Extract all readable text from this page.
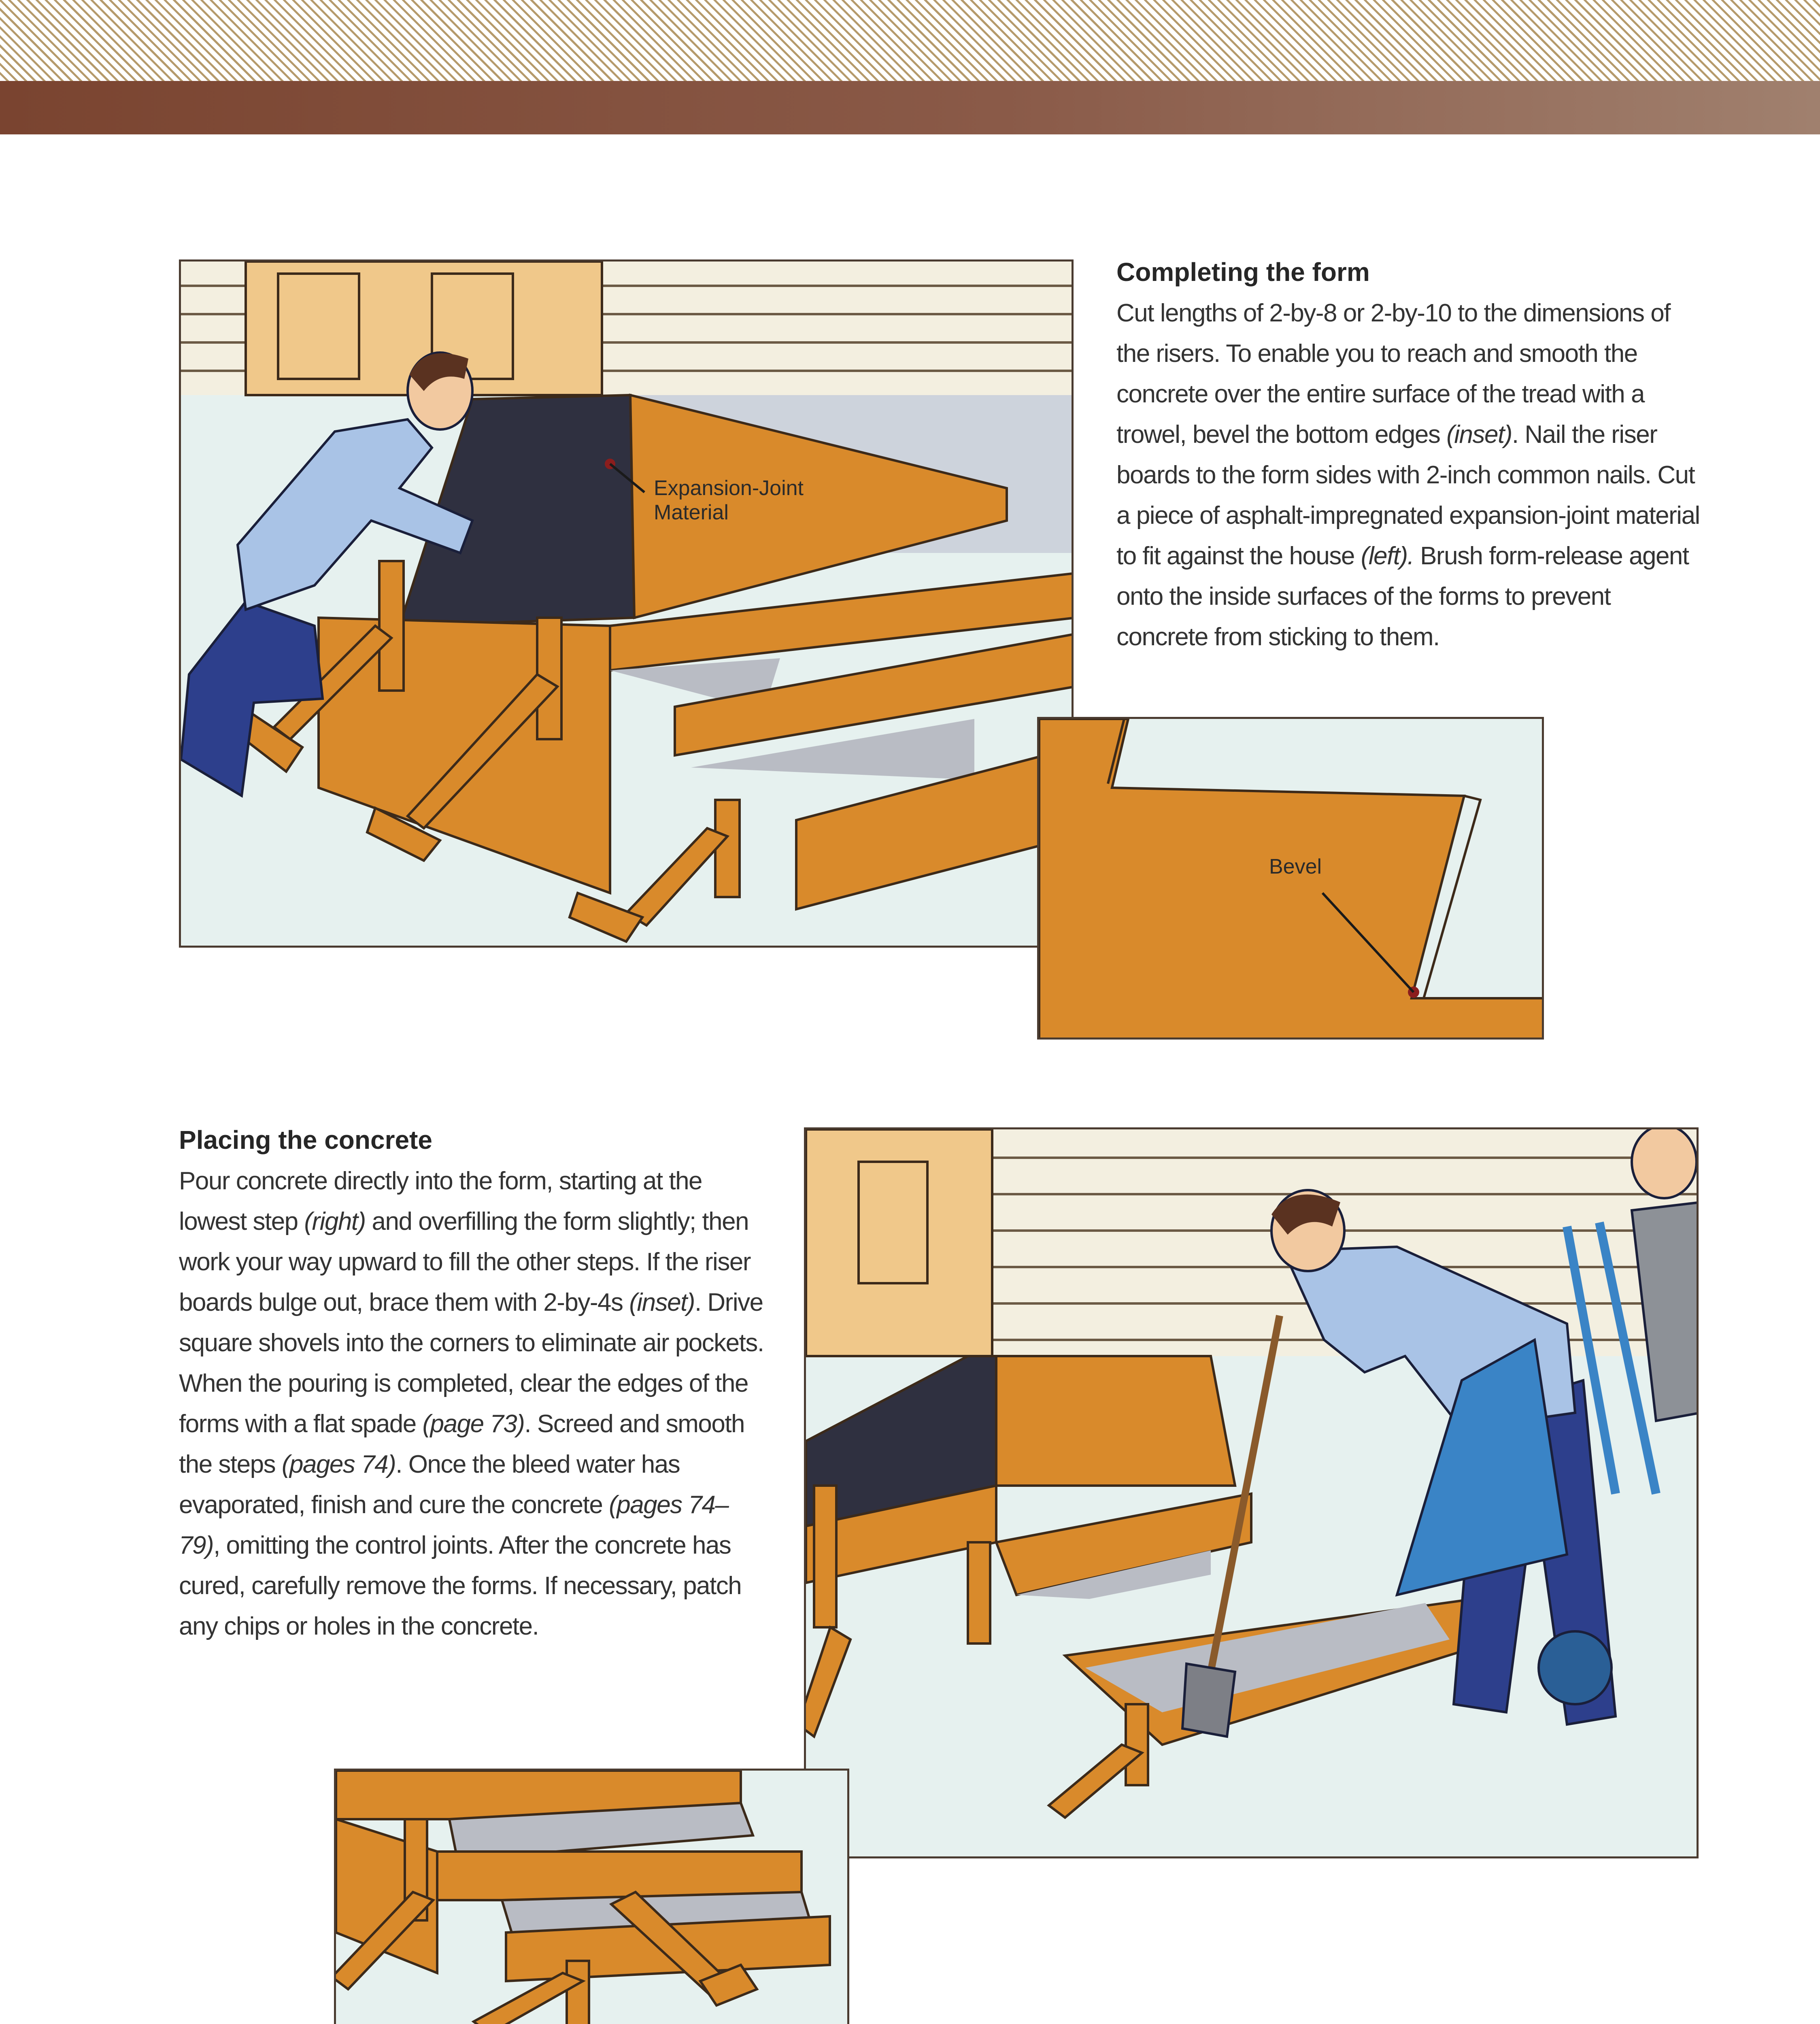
Expansion-Joint
Material
Bevel
Completing the form

Cut lengths of 2-by-8 or 2-by-10 to the dimensions of the risers. To enable you to reach and smooth the concrete over the entire surface of the tread with a trowel, bevel the bottom edges (inset). Nail the riser boards to the form sides with 2-inch common nails. Cut a piece of asphalt-impregnated expansion-joint material to fit against the house (left). Brush form-release agent onto the inside surfaces of the forms to prevent concrete from sticking to them.

Placing the concrete

Pour concrete directly into the form, starting at the lowest step (right) and overfilling the form slightly; then work your way upward to fill the other steps. If the riser boards bulge out, brace them with 2-by-4s (inset). Drive square shovels into the corners to eliminate air pockets. When the pouring is completed, clear the edges of the forms with a flat spade (page 73). Screed and smooth the steps (pages 74). Once the bleed water has evaporated, finish and cure the concrete (pages 74–79), omitting the control joints. After the concrete has cured, carefully remove the forms. If necessary, patch any chips or holes in the concrete.
